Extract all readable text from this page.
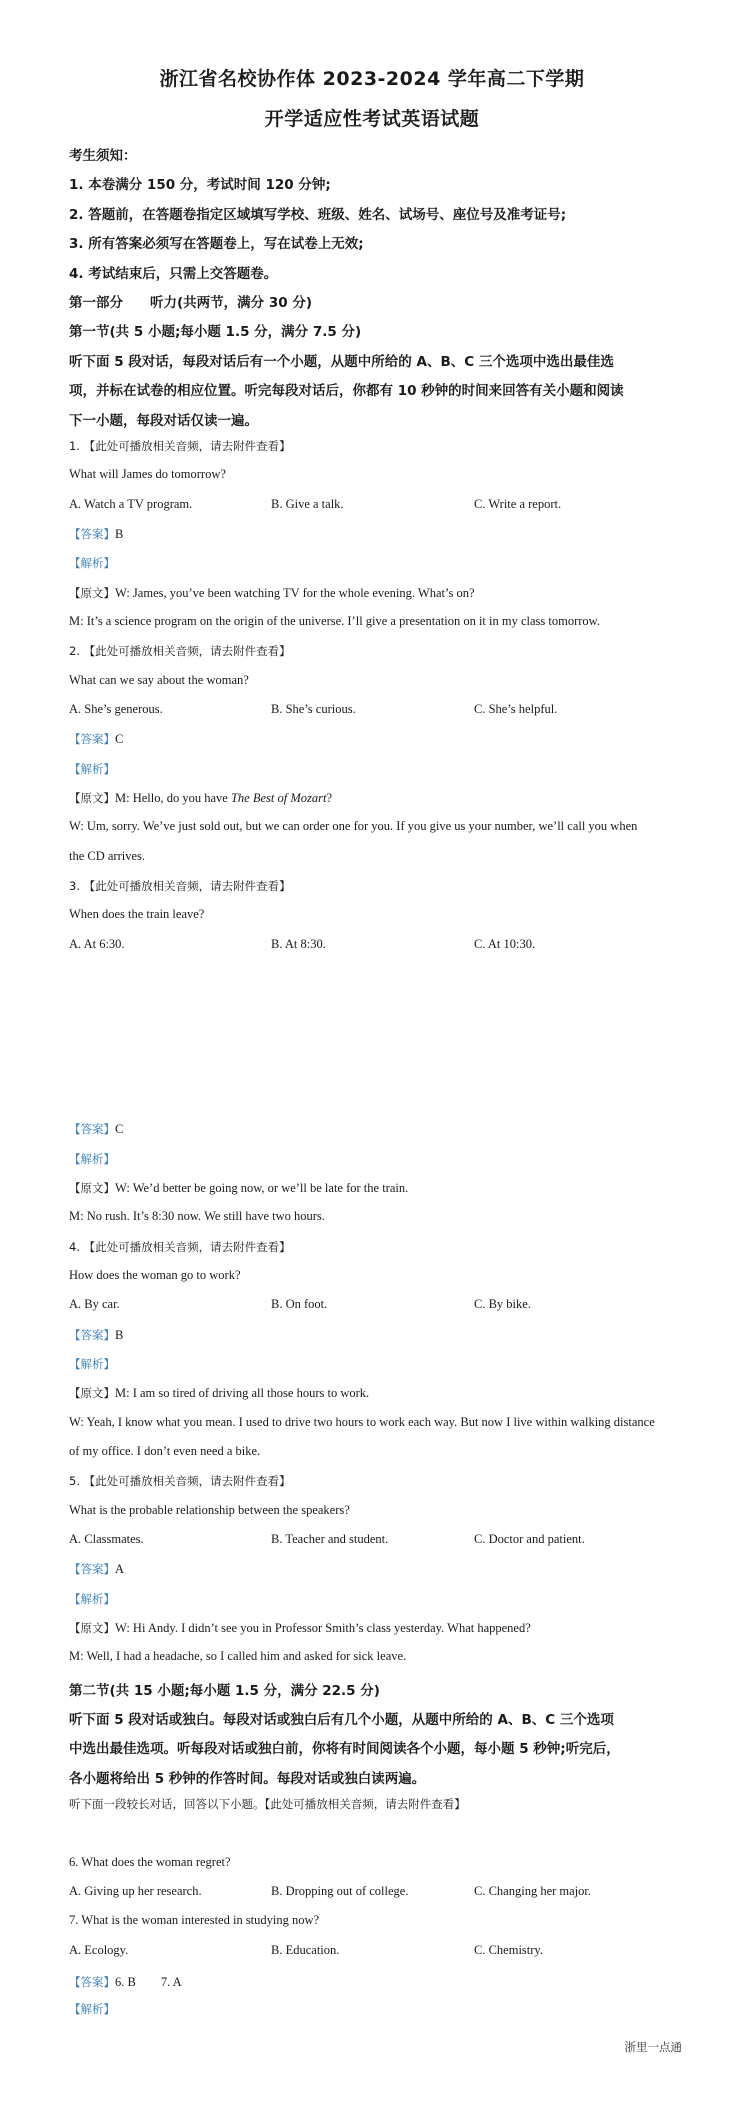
浙江省名校协作体 2023-2024 学年高二下学期
开学适应性考试英语试题
考生须知：
1. 本卷满分 150 分，考试时间 120 分钟;
2. 答题前，在答题卷指定区域填写学校、班级、姓名、试场号、座位号及准考证号;
3. 所有答案必须写在答题卷上，写在试卷上无效;
4. 考试结束后，只需上交答题卷。
第一部分　　听力(共两节，满分 30 分)
第一节(共 5 小题;每小题 1.5 分，满分 7.5 分)
听下面 5 段对话，每段对话后有一个小题，从题中所给的 A、B、C 三个选项中选出最佳选
项，并标在试卷的相应位置。听完每段对话后，你都有 10 秒钟的时间来回答有关小题和阅读
下一小题，每段对话仅读一遍。
1. 【此处可播放相关音频，请去附件查看】
What will James do tomorrow?
A. Watch a TV program.	B. Give a talk.	C. Write a report.
【答案】B
【解析】
【原文】W: James, you’ve been watching TV for the whole evening. What’s on?
M: It’s a science program on the origin of the universe. I’ll give a presentation on it in my class tomorrow.
2. 【此处可播放相关音频，请去附件查看】
What can we say about the woman?
A. She’s generous.	B. She’s curious.	C. She’s helpful.
【答案】C
【解析】
【原文】M: Hello, do you have The Best of Mozart?
W: Um, sorry. We’ve just sold out, but we can order one for you. If you give us your number, we’ll call you when
the CD arrives.
3. 【此处可播放相关音频，请去附件查看】
When does the train leave?
A. At 6:30.	B. At 8:30.	C. At 10:30.
【答案】C
【解析】
【原文】W: We’d better be going now, or we’ll be late for the train.
M: No rush. It’s 8:30 now. We still have two hours.
4. 【此处可播放相关音频，请去附件查看】
How does the woman go to work?
A. By car.	B. On foot.	C. By bike.
【答案】B
【解析】
【原文】M: I am so tired of driving all those hours to work.
W: Yeah, I know what you mean. I used to drive two hours to work each way. But now I live within walking distance
of my office. I don’t even need a bike.
5. 【此处可播放相关音频，请去附件查看】
What is the probable relationship between the speakers?
A. Classmates.	B. Teacher and student.	C. Doctor and patient.
【答案】A
【解析】
【原文】W: Hi Andy. I didn’t see you in Professor Smith’s class yesterday. What happened?
M: Well, I had a headache, so I called him and asked for sick leave.
第二节(共 15 小题;每小题 1.5 分，满分 22.5 分)
听下面 5 段对话或独白。每段对话或独白后有几个小题，从题中所给的 A、B、C 三个选项
中选出最佳选项。听每段对话或独白前，你将有时间阅读各个小题，每小题 5 秒钟;听完后，
各小题将给出 5 秒钟的作答时间。每段对话或独白读两遍。
听下面一段较长对话，回答以下小题。【此处可播放相关音频，请去附件查看】
6. What does the woman regret?
A. Giving up her research.	B. Dropping out of college.	C. Changing her major.
7. What is the woman interested in studying now?
A. Ecology.	B. Education.	C. Chemistry.
【答案】6. B　　7. A
【解析】
浙里一点通
